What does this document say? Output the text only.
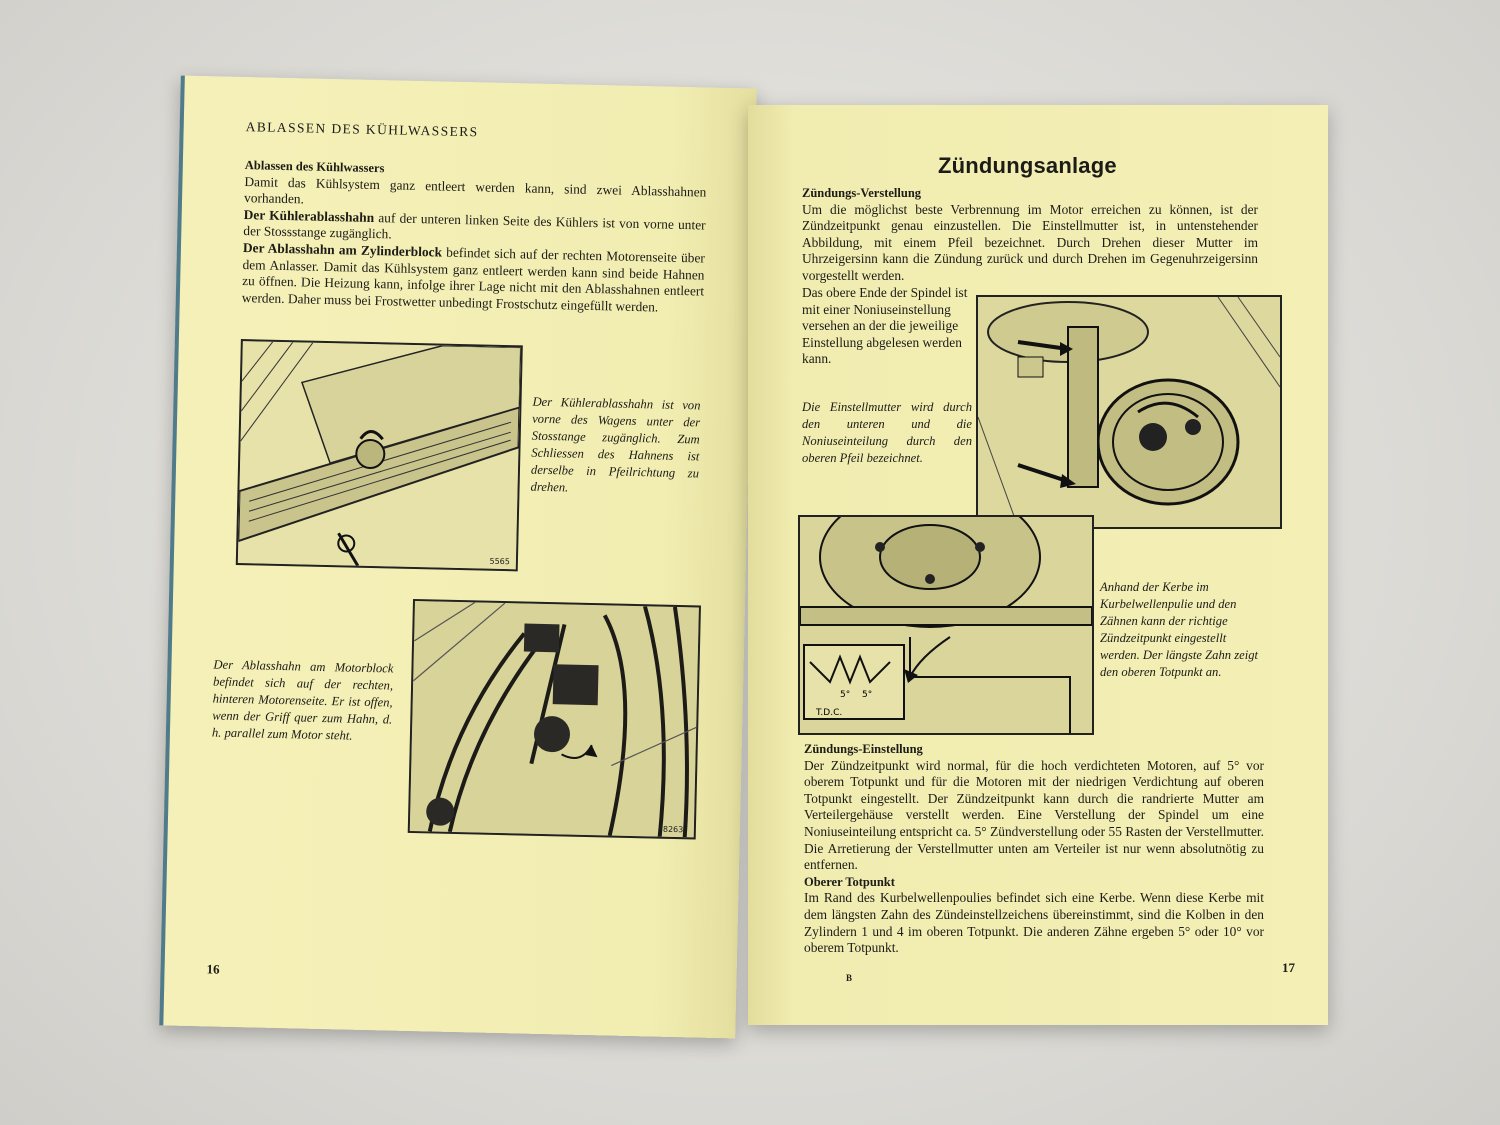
ABLASSEN DES KÜHLWASSERS

Ablassen des Kühlwassers

Damit das Kühlsystem ganz entleert werden kann, sind zwei Ablasshahnen vorhanden.

Der Kühlerablasshahn auf der unteren linken Seite des Kühlers ist von vorne unter der Stossstange zugänglich.

Der Ablasshahn am Zylinderblock befindet sich auf der rechten Motorenseite über dem Anlasser. Damit das Kühlsystem ganz entleert werden kann sind beide Hahnen zu öffnen. Die Heizung kann, infolge ihrer Lage nicht mit den Ablasshahnen entleert werden. Daher muss bei Frostwetter unbedingt Frostschutz eingefüllt werden.

5565
Der Kühlerablasshahn ist von vorne des Wagens unter der Stosstange zugänglich. Zum Schliessen des Hahnens ist derselbe in Pfeilrichtung zu drehen.
8263F
Der Ablasshahn am Motorblock befindet sich auf der rechten, hinteren Motorenseite. Er ist offen, wenn der Griff quer zum Hahn, d. h. parallel zum Motor steht.
16
Zündungsanlage

Zündungs-Verstellung

Um die möglichst beste Verbrennung im Motor erreichen zu können, ist der Zündzeitpunkt genau einzustellen. Die Einstellmutter ist, in untenstehender Abbildung, mit einem Pfeil bezeichnet. Durch Drehen dieser Mutter im Uhrzeigersinn kann die Zündung zurück und durch Drehen im Gegenuhrzeigersinn vorgestellt werden.

Das obere Ende der Spindel ist mit einer Noniuseinstellung versehen an der die jeweilige Einstellung abgelesen werden kann.
Die Einstellmutter wird durch den unteren und die Noniuseinteilung durch den oberen Pfeil bezeichnet.
T.D.C.
5° 5°
Anhand der Kerbe im Kurbelwellenpulie und den Zähnen kann der richtige Zündzeitpunkt eingestellt werden. Der längste Zahn zeigt den oberen Totpunkt an.

Zündungs-Einstellung

Der Zündzeitpunkt wird normal, für die hoch verdichteten Motoren, auf 5° vor oberem Totpunkt und für die Motoren mit der niedrigen Verdichtung auf oberen Totpunkt eingestellt. Der Zündzeitpunkt kann durch die randrierte Mutter am Verteilergehäuse verstellt werden. Eine Verstellung der Spindel um eine Noniuseinteilung entspricht ca. 5° Zündverstellung oder 55 Rasten der Verstellmutter. Die Arretierung der Verstellmutter unten am Verteiler ist nur wenn absolutnötig zu entfernen.

Oberer Totpunkt

Im Rand des Kurbelwellenpoulies befindet sich eine Kerbe. Wenn diese Kerbe mit dem längsten Zahn des Zündeinstellzeichens übereinstimmt, sind die Kolben in den Zylindern 1 und 4 im oberen Totpunkt. Die anderen Zähne ergeben 5° oder 10° vor oberem Totpunkt.

B
17
